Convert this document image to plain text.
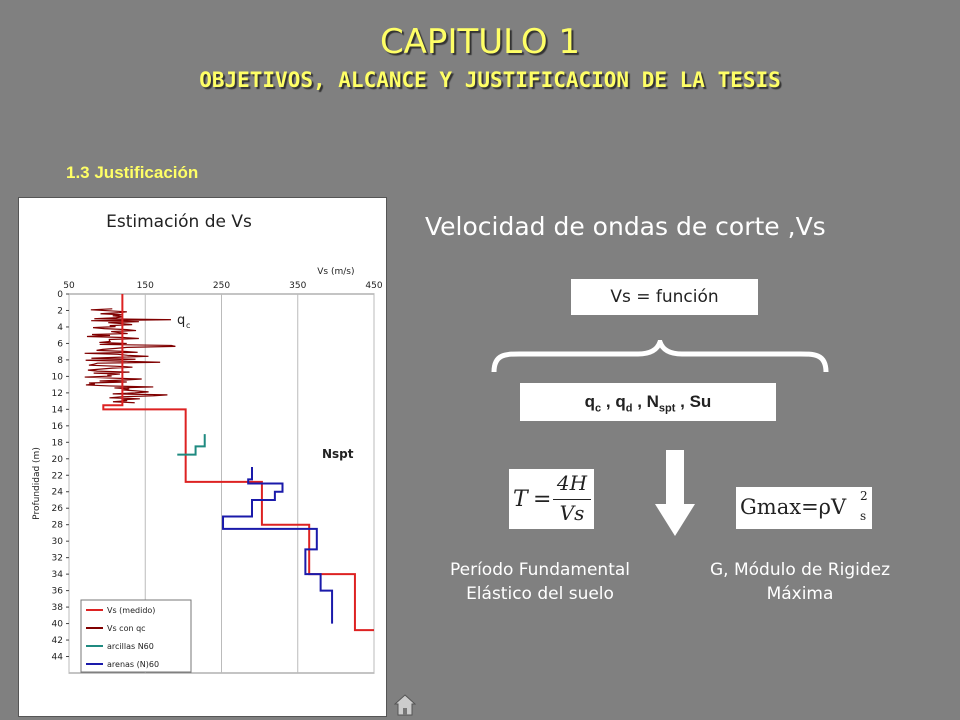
CAPITULO 1
OBJETIVOS, ALCANCE Y JUSTIFICACION DE LA TESIS
1.3 Justificación
Estimación de Vs
50	150	250	350	450
0
2
4
6
8
10
12
14
16
18
20
22
24
26
28
30
32
34
36
38
40
42
44
Vs (m/s)
Profundidad (m)
q c
Nspt
Vs (medido)
Vs con qc
arcillas N60
arenas (N)60
Velocidad de ondas de corte ,Vs
Vs = función
$q_c$ , $q_d$ , $N_{spt}$ , Su
T =
4H
Vs	Gmax=ρV 2
s
Período Fundamental
Elástico del suelo
G, Módulo de Rigidez
Máxima
